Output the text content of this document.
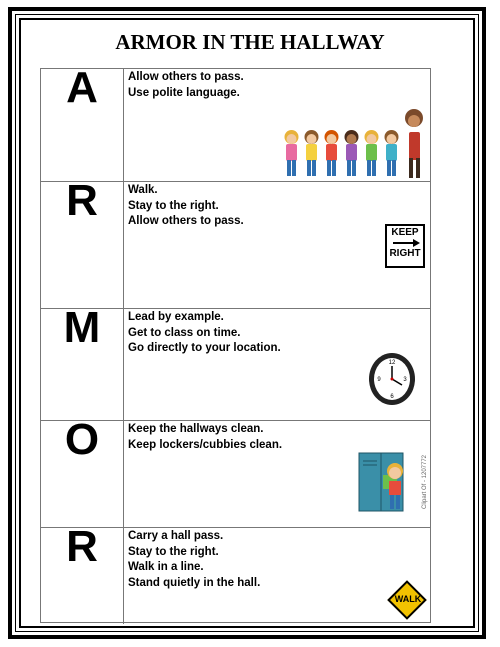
ARMOR IN THE HALLWAY
A	Allow others to pass.
Use polite language.
R	Walk.
Stay to the right.
Allow others to pass.
KEEP
RIGHT
M	Lead by example.
Get to class on time.
Go directly to your location.
12
3
6
9
O	Keep the hallways clean.
Keep lockers/cubbies clean.
Clipart Of - 1207772
R	Carry a hall pass.
Stay to the right.
Walk in a line.
Stand quietly in the hall.
WALK
